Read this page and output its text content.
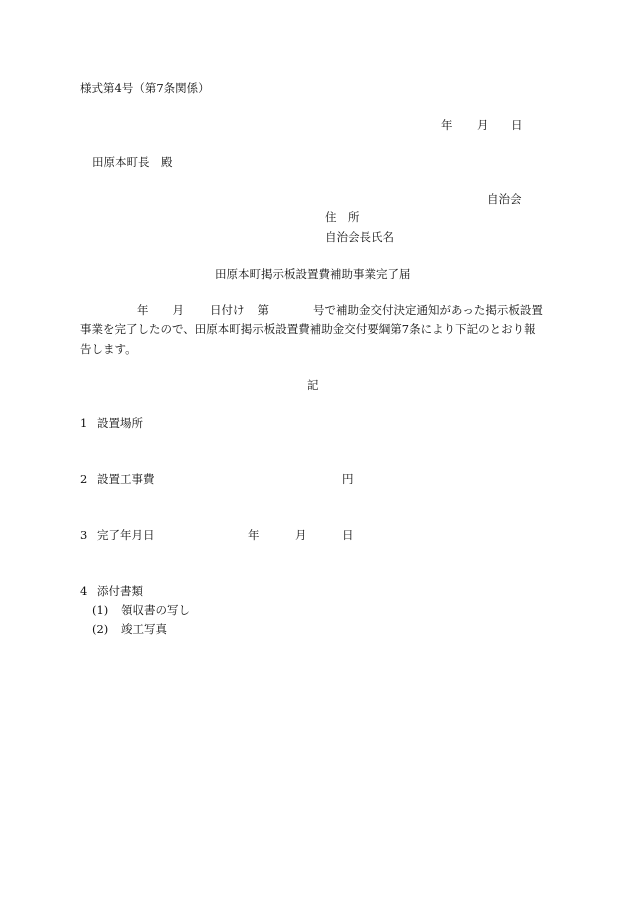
様式第4号（第7条関係）
年 月 日
田原本町長　殿
自治会
住　所
自治会長氏名
田原本町掲示板設置費補助事業完了届
年 月 日付け 第	号で補助金交付決定通知があった掲示板設置
事業を完了したので、田原本町掲示板設置費補助金交付要綱第7条により下記のとおり報
告します。
記
1 設置場所
2 設置工事費	円
3 完了年月日	年	月	日
4 添付書類
(1) 領収書の写し
(2) 竣工写真
